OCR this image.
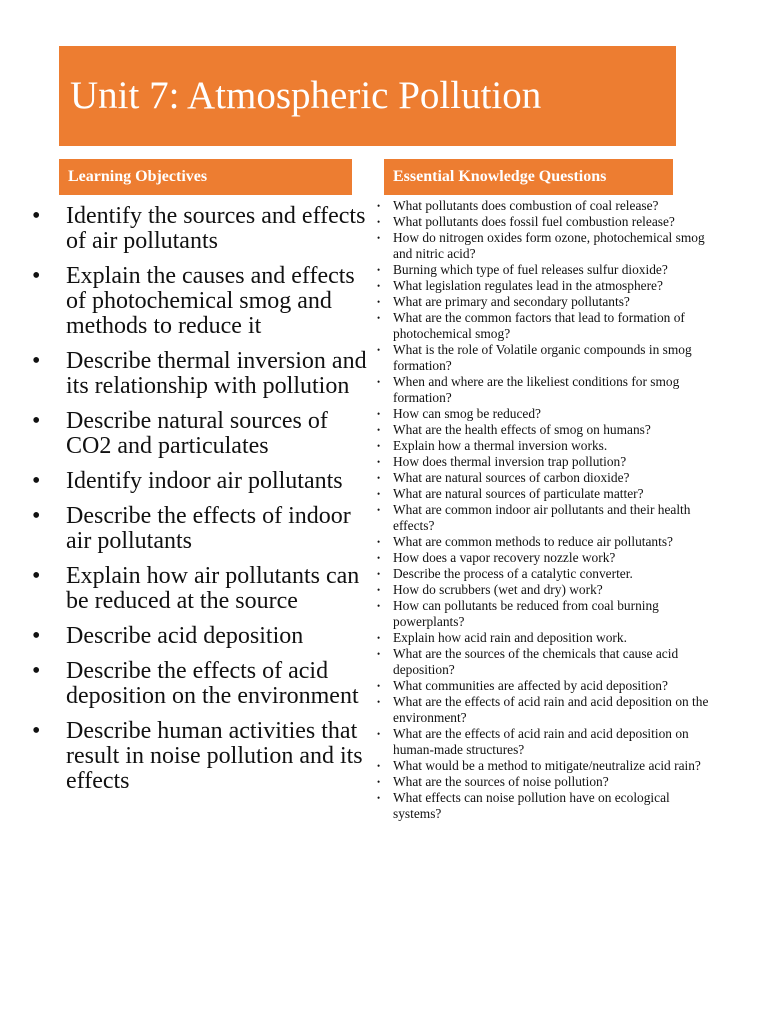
Unit 7: Atmospheric Pollution
Learning Objectives	Essential Knowledge Questions
• Identify the sources and effects of air pollutants
• Explain the causes and effects of photochemical smog and methods to reduce it
• Describe thermal inversion and its relationship with pollution
• Describe natural sources of CO2 and particulates
• Identify indoor air pollutants
• Describe the effects of indoor air pollutants
• Explain how air pollutants can be reduced at the source
• Describe acid deposition
• Describe the effects of acid deposition on the environment
• Describe human activities that result in noise pollution and its effects
• What pollutants does combustion of coal release?
• What pollutants does fossil fuel combustion release?
• How do nitrogen oxides form ozone, photochemical smog and nitric acid?
• Burning which type of fuel releases sulfur dioxide?
• What legislation regulates lead in the atmosphere?
• What are primary and secondary pollutants?
• What are the common factors that lead to formation of photochemical smog?
• What is the role of Volatile organic compounds in smog formation?
• When and where are the likeliest conditions for smog formation?
• How can smog be reduced?
• What are the health effects of smog on humans?
• Explain how a thermal inversion works.
• How does thermal inversion trap pollution?
• What are natural sources of carbon dioxide?
• What are natural sources of particulate matter?
• What are common indoor air pollutants and their health effects?
• What are common methods to reduce air pollutants?
• How does a vapor recovery nozzle work?
• Describe the process of a catalytic converter.
• How do scrubbers (wet and dry) work?
• How can pollutants be reduced from coal burning powerplants?
• Explain how acid rain and deposition work.
• What are the sources of the chemicals that cause acid deposition?
• What communities are affected by acid deposition?
• What are the effects of acid rain and acid deposition on the environment?
• What are the effects of acid rain and acid deposition on human-made structures?
• What would be a method to mitigate/neutralize acid rain?
• What are the sources of noise pollution?
• What effects can noise pollution have on ecological systems?
